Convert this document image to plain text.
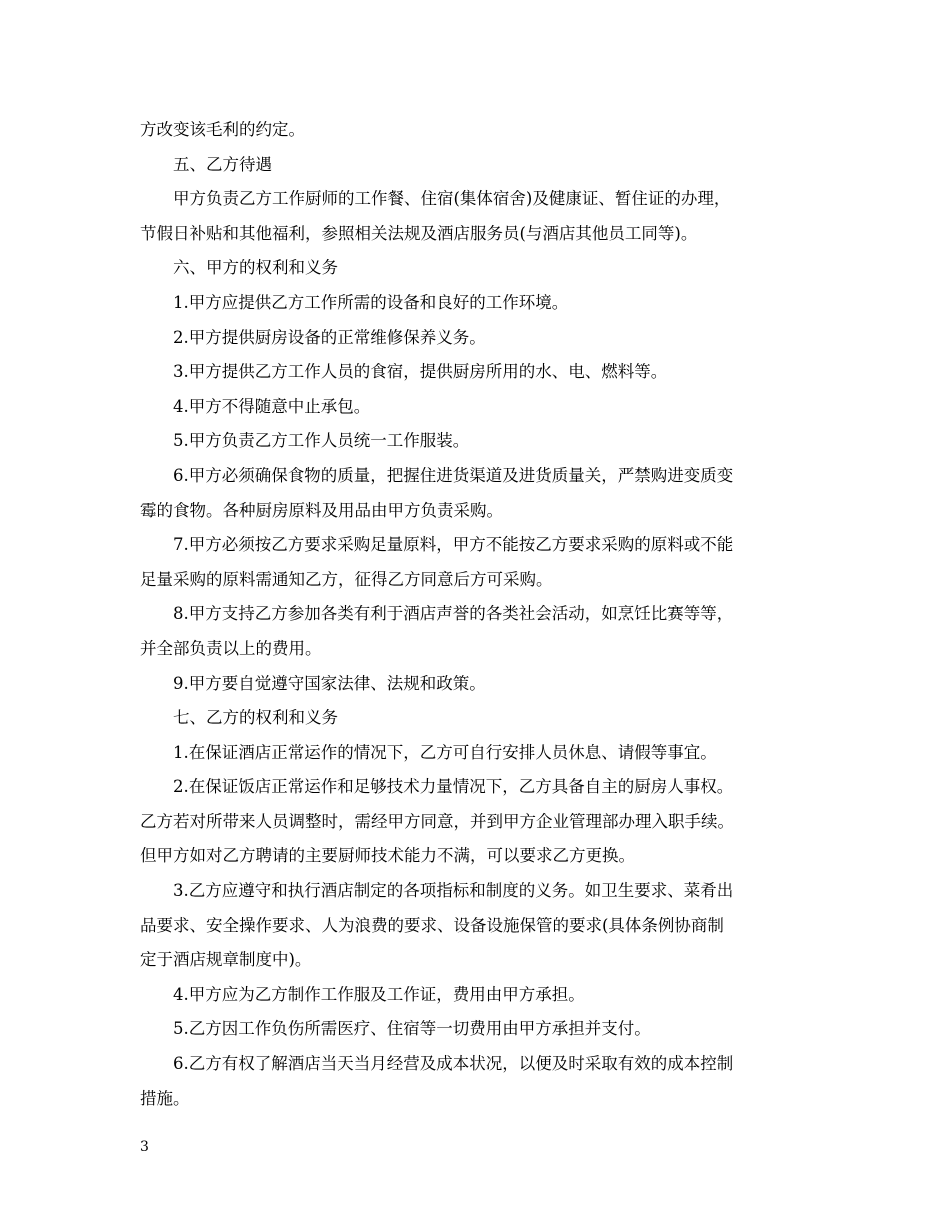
方改变该毛利的约定。
五、乙方待遇
甲方负责乙方工作厨师的工作餐、住宿(集体宿舍)及健康证、暂住证的办理，
节假日补贴和其他福利，参照相关法规及酒店服务员(与酒店其他员工同等)。
六、甲方的权利和义务
1.甲方应提供乙方工作所需的设备和良好的工作环境。
2.甲方提供厨房设备的正常维修保养义务。
3.甲方提供乙方工作人员的食宿，提供厨房所用的水、电、燃料等。
4.甲方不得随意中止承包。
5.甲方负责乙方工作人员统一工作服装。
6.甲方必须确保食物的质量，把握住进货渠道及进货质量关，严禁购进变质变
霉的食物。各种厨房原料及用品由甲方负责采购。
7.甲方必须按乙方要求采购足量原料，甲方不能按乙方要求采购的原料或不能
足量采购的原料需通知乙方，征得乙方同意后方可采购。
8.甲方支持乙方参加各类有利于酒店声誉的各类社会活动，如烹饪比赛等等，
并全部负责以上的费用。
9.甲方要自觉遵守国家法律、法规和政策。
七、乙方的权利和义务
1.在保证酒店正常运作的情况下，乙方可自行安排人员休息、请假等事宜。
2.在保证饭店正常运作和足够技术力量情况下，乙方具备自主的厨房人事权。
乙方若对所带来人员调整时，需经甲方同意，并到甲方企业管理部办理入职手续。
但甲方如对乙方聘请的主要厨师技术能力不满，可以要求乙方更换。
3.乙方应遵守和执行酒店制定的各项指标和制度的义务。如卫生要求、菜肴出
品要求、安全操作要求、人为浪费的要求、设备设施保管的要求(具体条例协商制
定于酒店规章制度中)。
4.甲方应为乙方制作工作服及工作证，费用由甲方承担。
5.乙方因工作负伤所需医疗、住宿等一切费用由甲方承担并支付。
6.乙方有权了解酒店当天当月经营及成本状况，以便及时采取有效的成本控制
措施。
3
